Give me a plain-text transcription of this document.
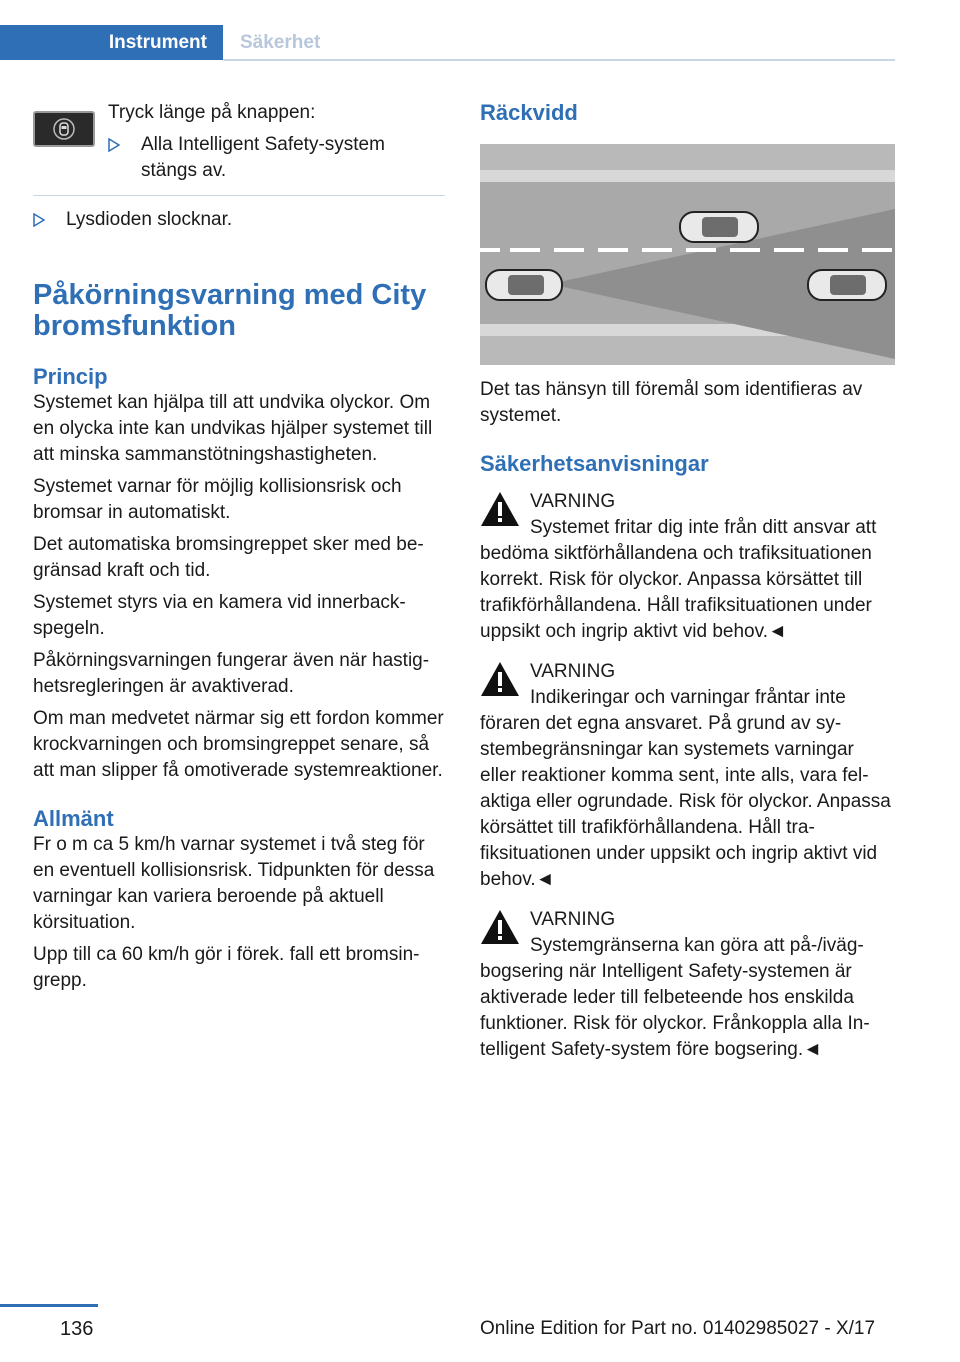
Instrument	Säkerhet

Tryck länge på knappen:

Alla Intelligent Safety-system stängs av.

Lysdioden slocknar.

Påkörningsvarning med City bromsfunktion
Princip

Systemet kan hjälpa till att undvika olyckor. Om en olycka inte kan undvikas hjälper systemet till att minska sammanstötningshastigheten.

Systemet varnar för möjlig kollisionsrisk och bromsar in automatiskt.

Det automatiska bromsingreppet sker med begränsad kraft och tid.

Systemet styrs via en kamera vid innerbackspegeln.

Påkörningsvarningen fungerar även när hastighetsregleringen är avaktiverad.

Om man medvetet närmar sig ett fordon kommer krockvarningen och bromsingreppet senare, så att man slipper få omotiverade systemreaktioner.

Allmänt

Fr o m ca 5 km/h varnar systemet i två steg för en eventuell kollisionsrisk. Tidpunkten för dessa varningar kan variera beroende på aktuell körsituation.

Upp till ca 60 km/h gör i förek. fall ett bromsingrepp.

Räckvidd

Det tas hänsyn till föremål som identifieras av systemet.

Säkerhetsanvisningar

VARNING

Systemet fritar dig inte från ditt ansvar att

bedöma siktförhållandena och trafiksituationen korrekt. Risk för olyckor. Anpassa körsättet till trafikförhållandena. Håll trafiksituationen under uppsikt och ingrip aktivt vid behov.◄

VARNING

Indikeringar och varningar fråntar inte

föraren det egna ansvaret. På grund av systembegränsningar kan systemets varningar eller reaktioner komma sent, inte alls, vara felaktiga eller ogrundade. Risk för olyckor. Anpassa körsättet till trafikförhållandena. Håll trafiksituationen under uppsikt och ingrip aktivt vid behov.◄

VARNING

Systemgränserna kan göra att på-/iväg-

bogsering när Intelligent Safety-systemen är aktiverade leder till felbeteende hos enskilda funktioner. Risk för olyckor. Frånkoppla alla Intelligent Safety-system före bogsering.◄

136	Online Edition for Part no. 01402985027 - X/17
